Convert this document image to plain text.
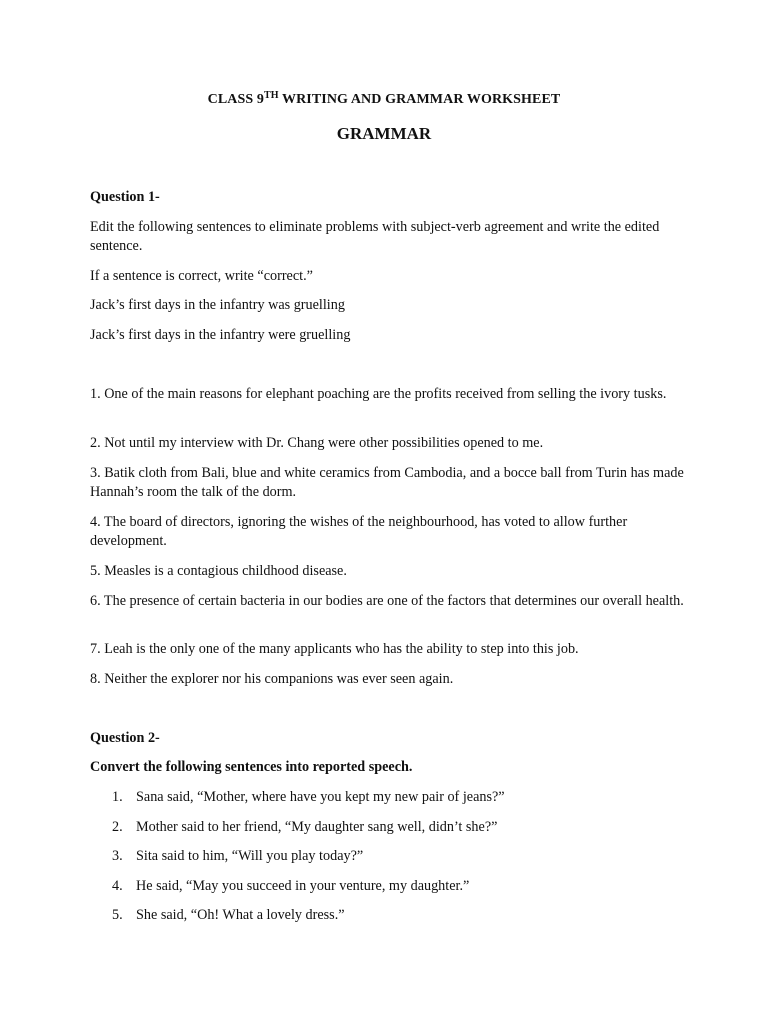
CLASS 9TH WRITING AND GRAMMAR WORKSHEET
GRAMMAR
Question 1-
Edit the following sentences to eliminate problems with subject-verb agreement and write the edited sentence.
If a sentence is correct, write “correct.”
Jack’s first days in the infantry was gruelling
Jack’s first days in the infantry were gruelling
1. One of the main reasons for elephant poaching are the profits received from selling the ivory tusks.
2. Not until my interview with Dr. Chang were other possibilities opened to me.
3. Batik cloth from Bali, blue and white ceramics from Cambodia, and a bocce ball from Turin has made Hannah’s room the talk of the dorm.
4. The board of directors, ignoring the wishes of the neighbourhood, has voted to allow further development.
5. Measles is a contagious childhood disease.
6. The presence of certain bacteria in our bodies are one of the factors that determines our overall health.
7. Leah is the only one of the many applicants who has the ability to step into this job.
8. Neither the explorer nor his companions was ever seen again.
Question 2-
Convert the following sentences into reported speech.
1. Sana said, “Mother, where have you kept my new pair of jeans?”
2. Mother said to her friend, “My daughter sang well, didn’t she?”
3. Sita said to him, “Will you play today?”
4. He said, “May you succeed in your venture, my daughter.”
5. She said, “Oh! What a lovely dress.”
